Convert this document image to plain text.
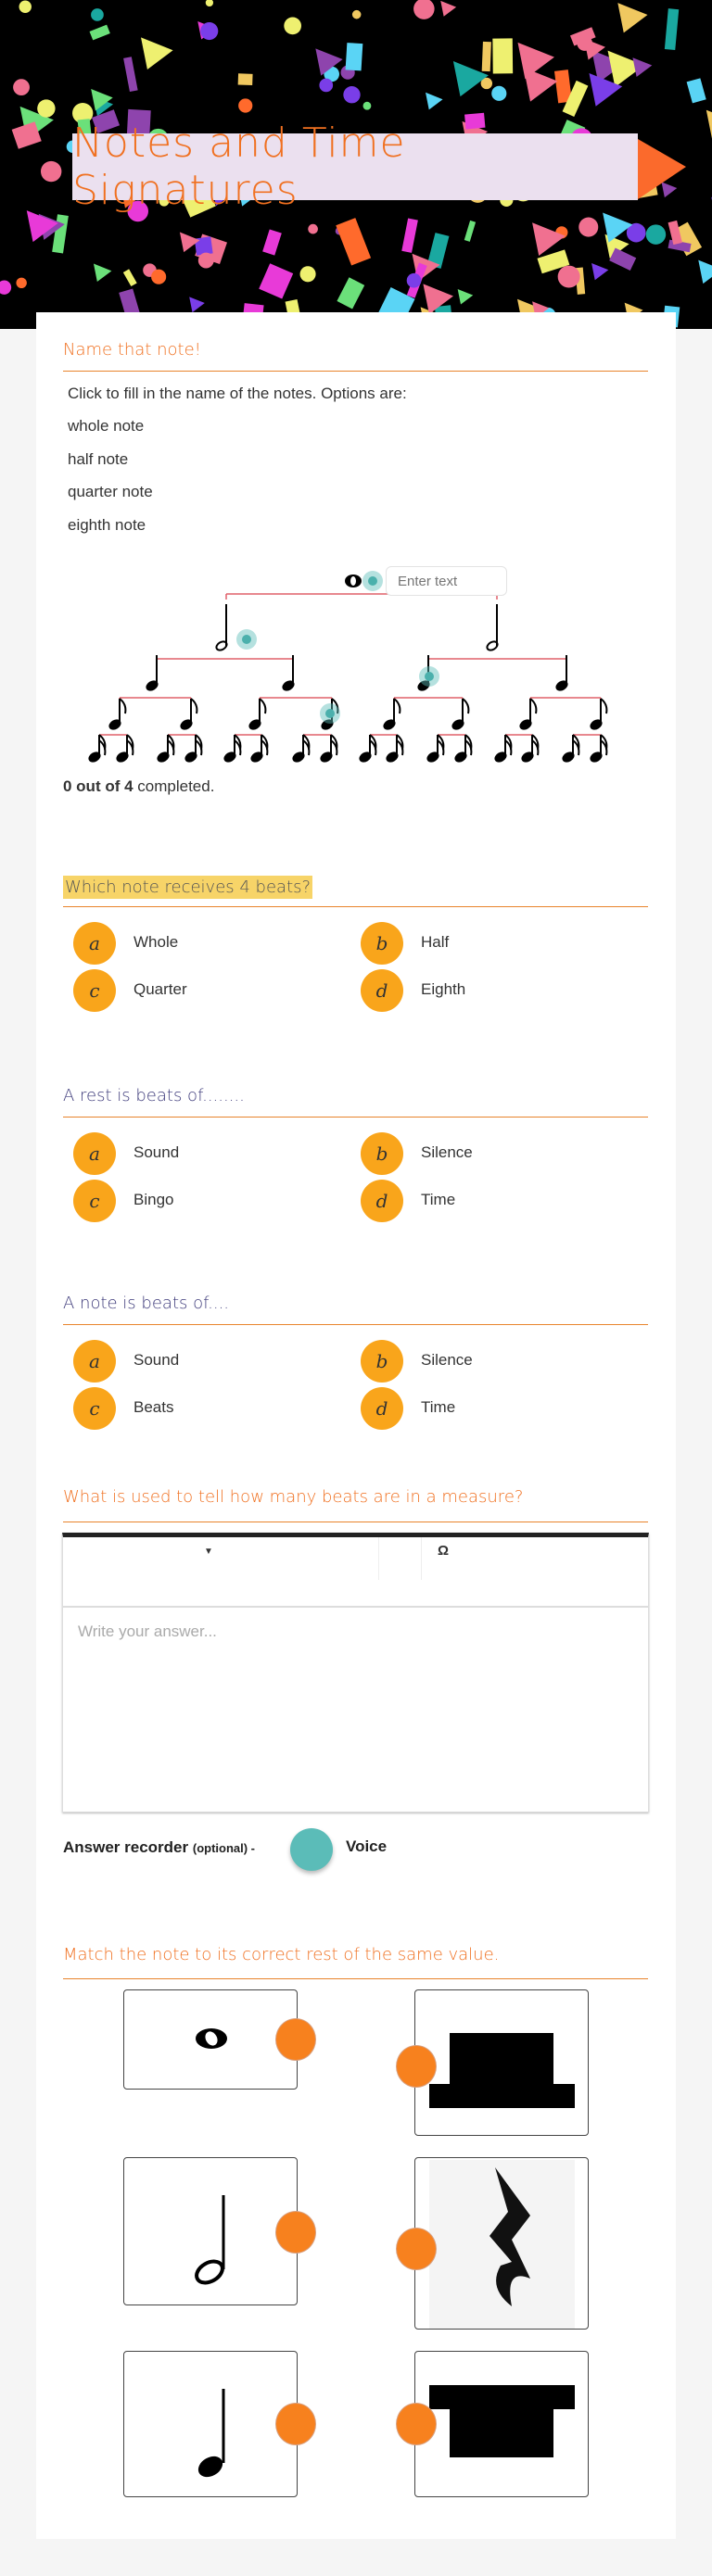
Notes and Time Signatures
Name that note!
Click to fill in the name of the notes. Options are:
whole note
half note
quarter note
eighth note
Enter text
0 out of 4 completed.
Which note receives 4 beats?
a	Whole	b	Half
c	Quarter	d	Eighth
A rest is beats of........
a	Sound	b	Silence
c	Bingo	d	Time
A note is beats of....
a	Sound	b	Silence
c	Beats	d	Time
What is used to tell how many beats are in a measure?
▼	Ω
Write your answer...
Answer recorder (optional) -	Voice
Match the note to its correct rest of the same value.
